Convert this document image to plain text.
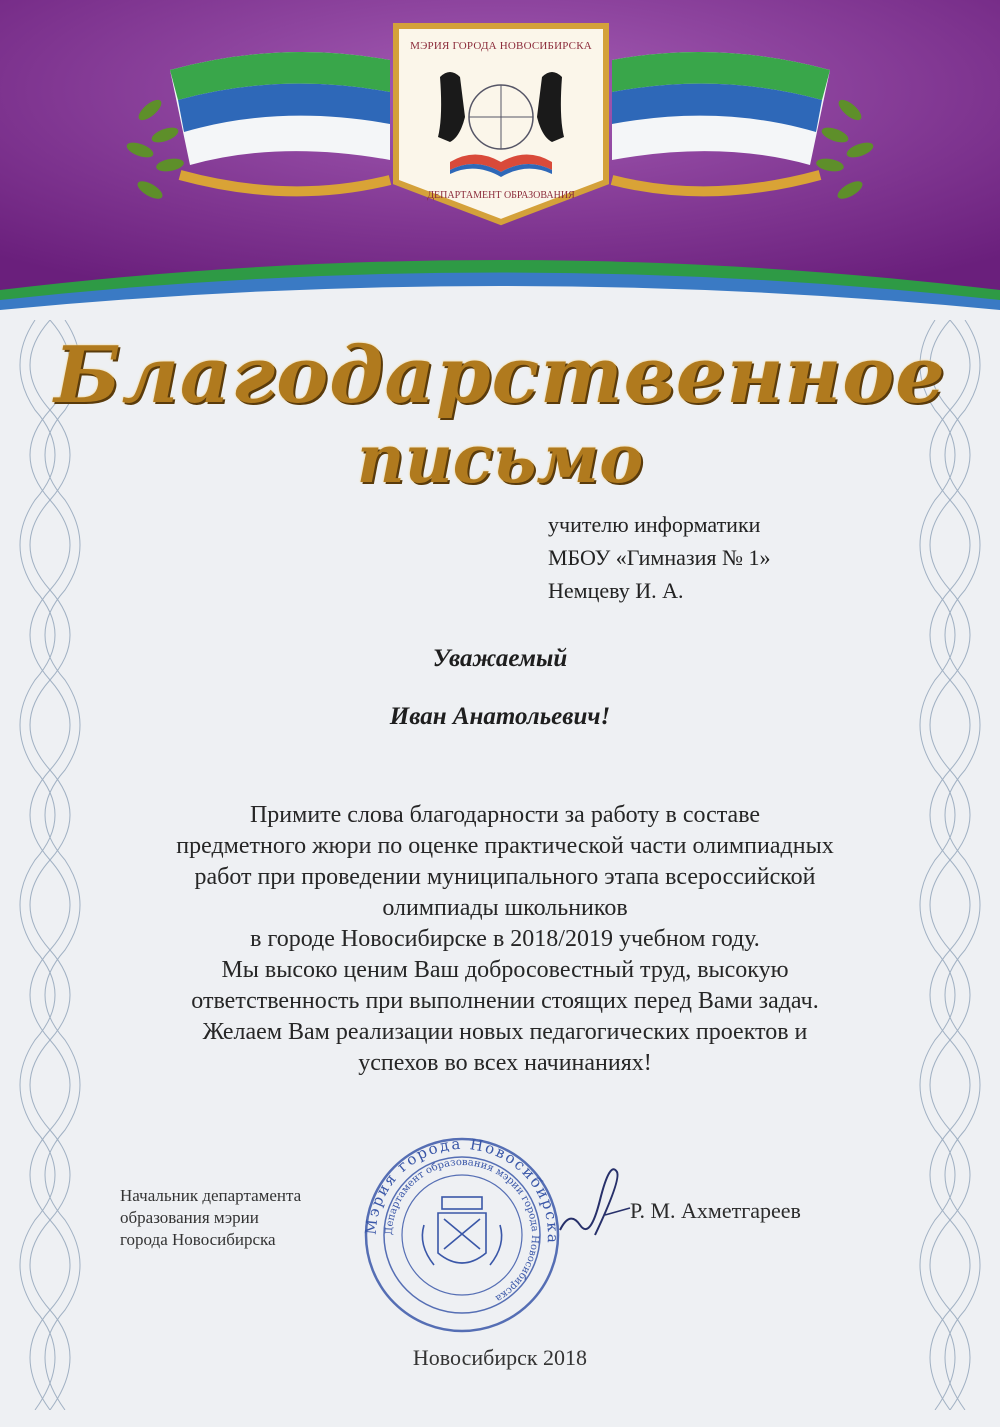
МЭРИЯ ГОРОДА НОВОСИБИРСКА
ДЕПАРТАМЕНТ ОБРАЗОВАНИЯ
Благодарственное
письмо
учителю информатики
МБОУ «Гимназия № 1»
Немцеву И. А.
Уважаемый
Иван Анатольевич!
Примите слова благодарности за работу в составе
предметного жюри по оценке практической части олимпиадных
работ при проведении муниципального этапа всероссийской
олимпиады школьников
в городе Новосибирске в 2018/2019 учебном году.
Мы высоко ценим Ваш добросовестный труд, высокую
ответственность при выполнении стоящих перед Вами задач.
Желаем Вам реализации новых педагогических проектов и
успехов во всех начинаниях!
Начальник департамента
образования мэрии
города Новосибирска
Мэрия города Новосибирска
Департамент образования мэрии города Новосибирска
Р. М. Ахметгареев
Новосибирск 2018
